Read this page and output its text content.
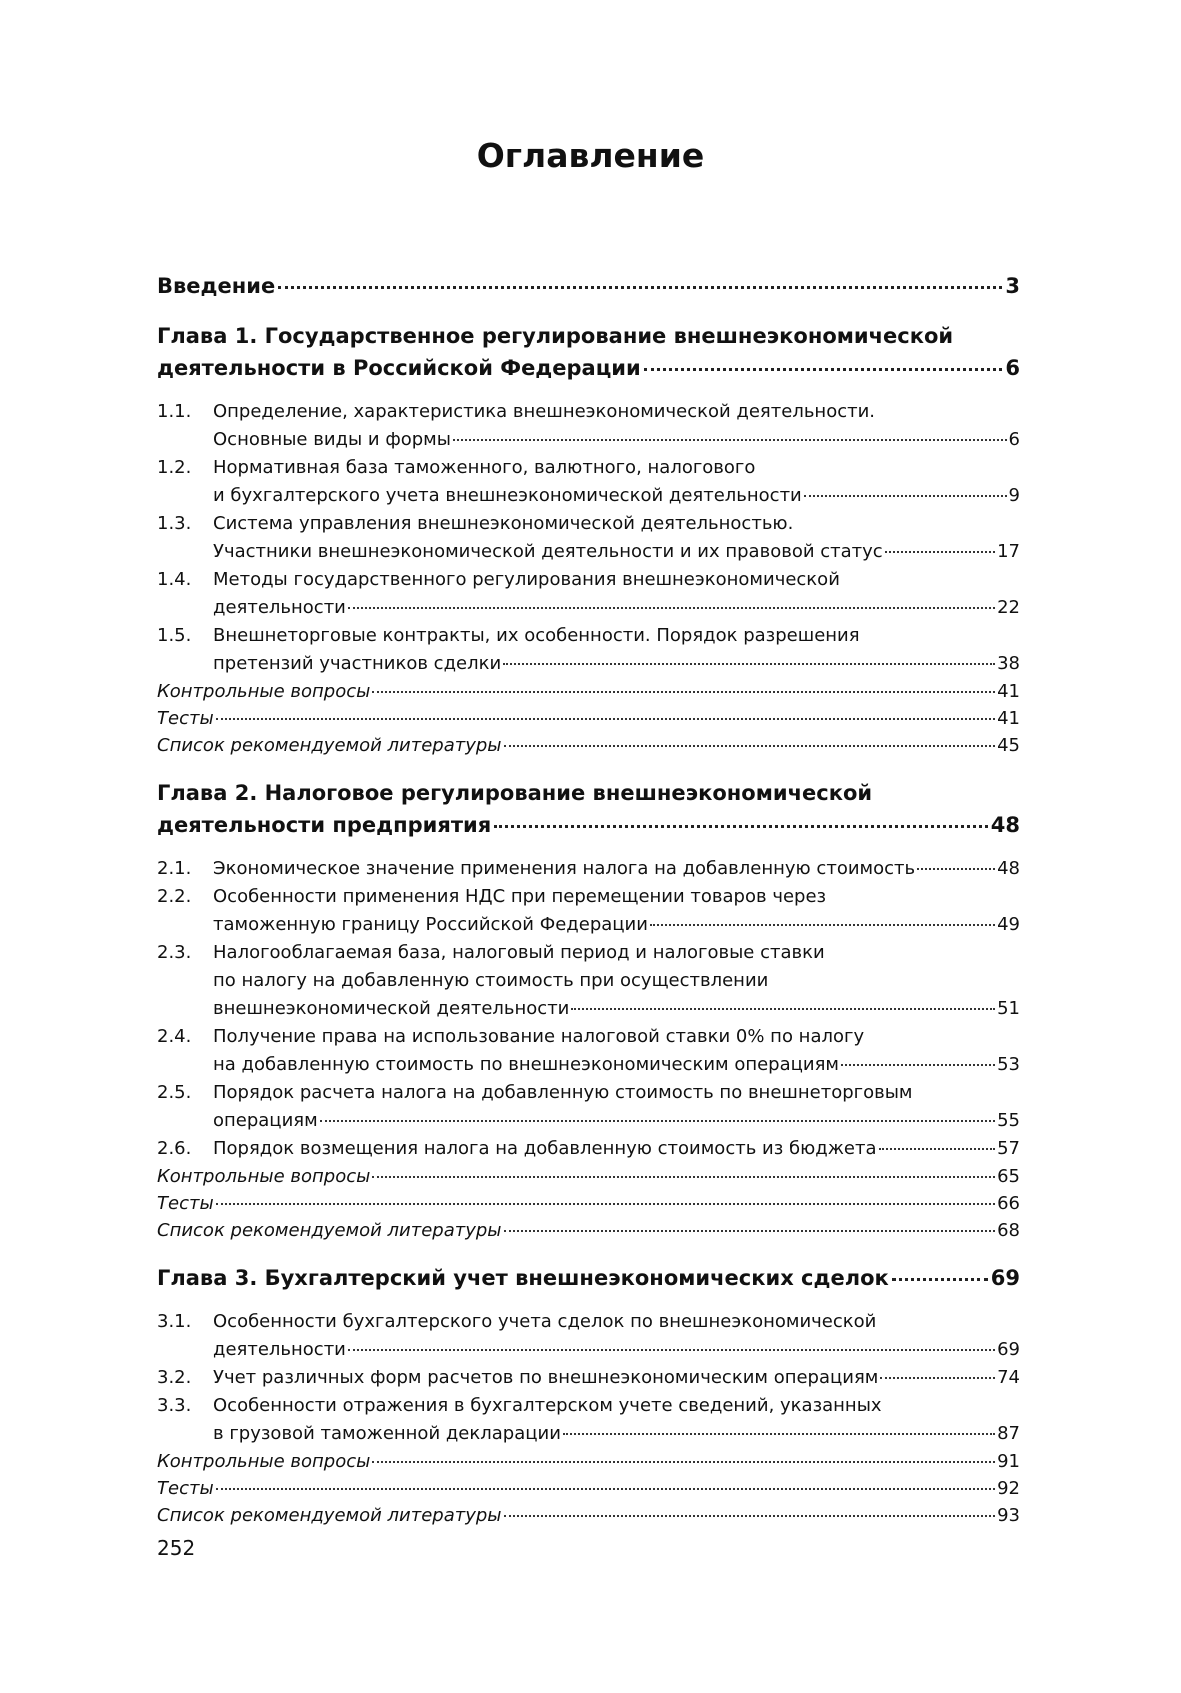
Оглавление
Введение	3
Глава 1. Государственное регулирование внешнеэкономической
деятельности в Российской Федерации	6
1.1.	Определение, характеристика внешнеэкономической деятельности.
Основные виды и формы	6
1.2.	Нормативная база таможенного, валютного, налогового
и бухгалтерского учета внешнеэкономической деятельности	9
1.3.	Система управления внешнеэкономической деятельностью.
Участники внешнеэкономической деятельности и их правовой статус	17
1.4.	Методы государственного регулирования внешнеэкономической
деятельности	22
1.5.	Внешнеторговые контракты, их особенности. Порядок разрешения
претензий участников сделки	38
Контрольные вопросы	41
Тесты	41
Список рекомендуемой литературы	45
Глава 2. Налоговое регулирование внешнеэкономической
деятельности предприятия	48
2.1.	Экономическое значение применения налога на добавленную стоимость	48
2.2.	Особенности применения НДС при перемещении товаров через
таможенную границу Российской Федерации	49
2.3.	Налогооблагаемая база, налоговый период и налоговые ставки
по налогу на добавленную стоимость при осуществлении
внешнеэкономической деятельности	51
2.4.	Получение права на использование налоговой ставки 0% по налогу
на добавленную стоимость по внешнеэкономическим операциям	53
2.5.	Порядок расчета налога на добавленную стоимость по внешнеторговым
операциям	55
2.6.	Порядок возмещения налога на добавленную стоимость из бюджета	57
Контрольные вопросы	65
Тесты	66
Список рекомендуемой литературы	68
Глава 3. Бухгалтерский учет внешнеэкономических сделок	69
3.1.	Особенности бухгалтерского учета сделок по внешнеэкономической
деятельности	69
3.2.	Учет различных форм расчетов по внешнеэкономическим операциям	74
3.3.	Особенности отражения в бухгалтерском учете сведений, указанных
в грузовой таможенной декларации	87
Контрольные вопросы	91
Тесты	92
Список рекомендуемой литературы	93
252
